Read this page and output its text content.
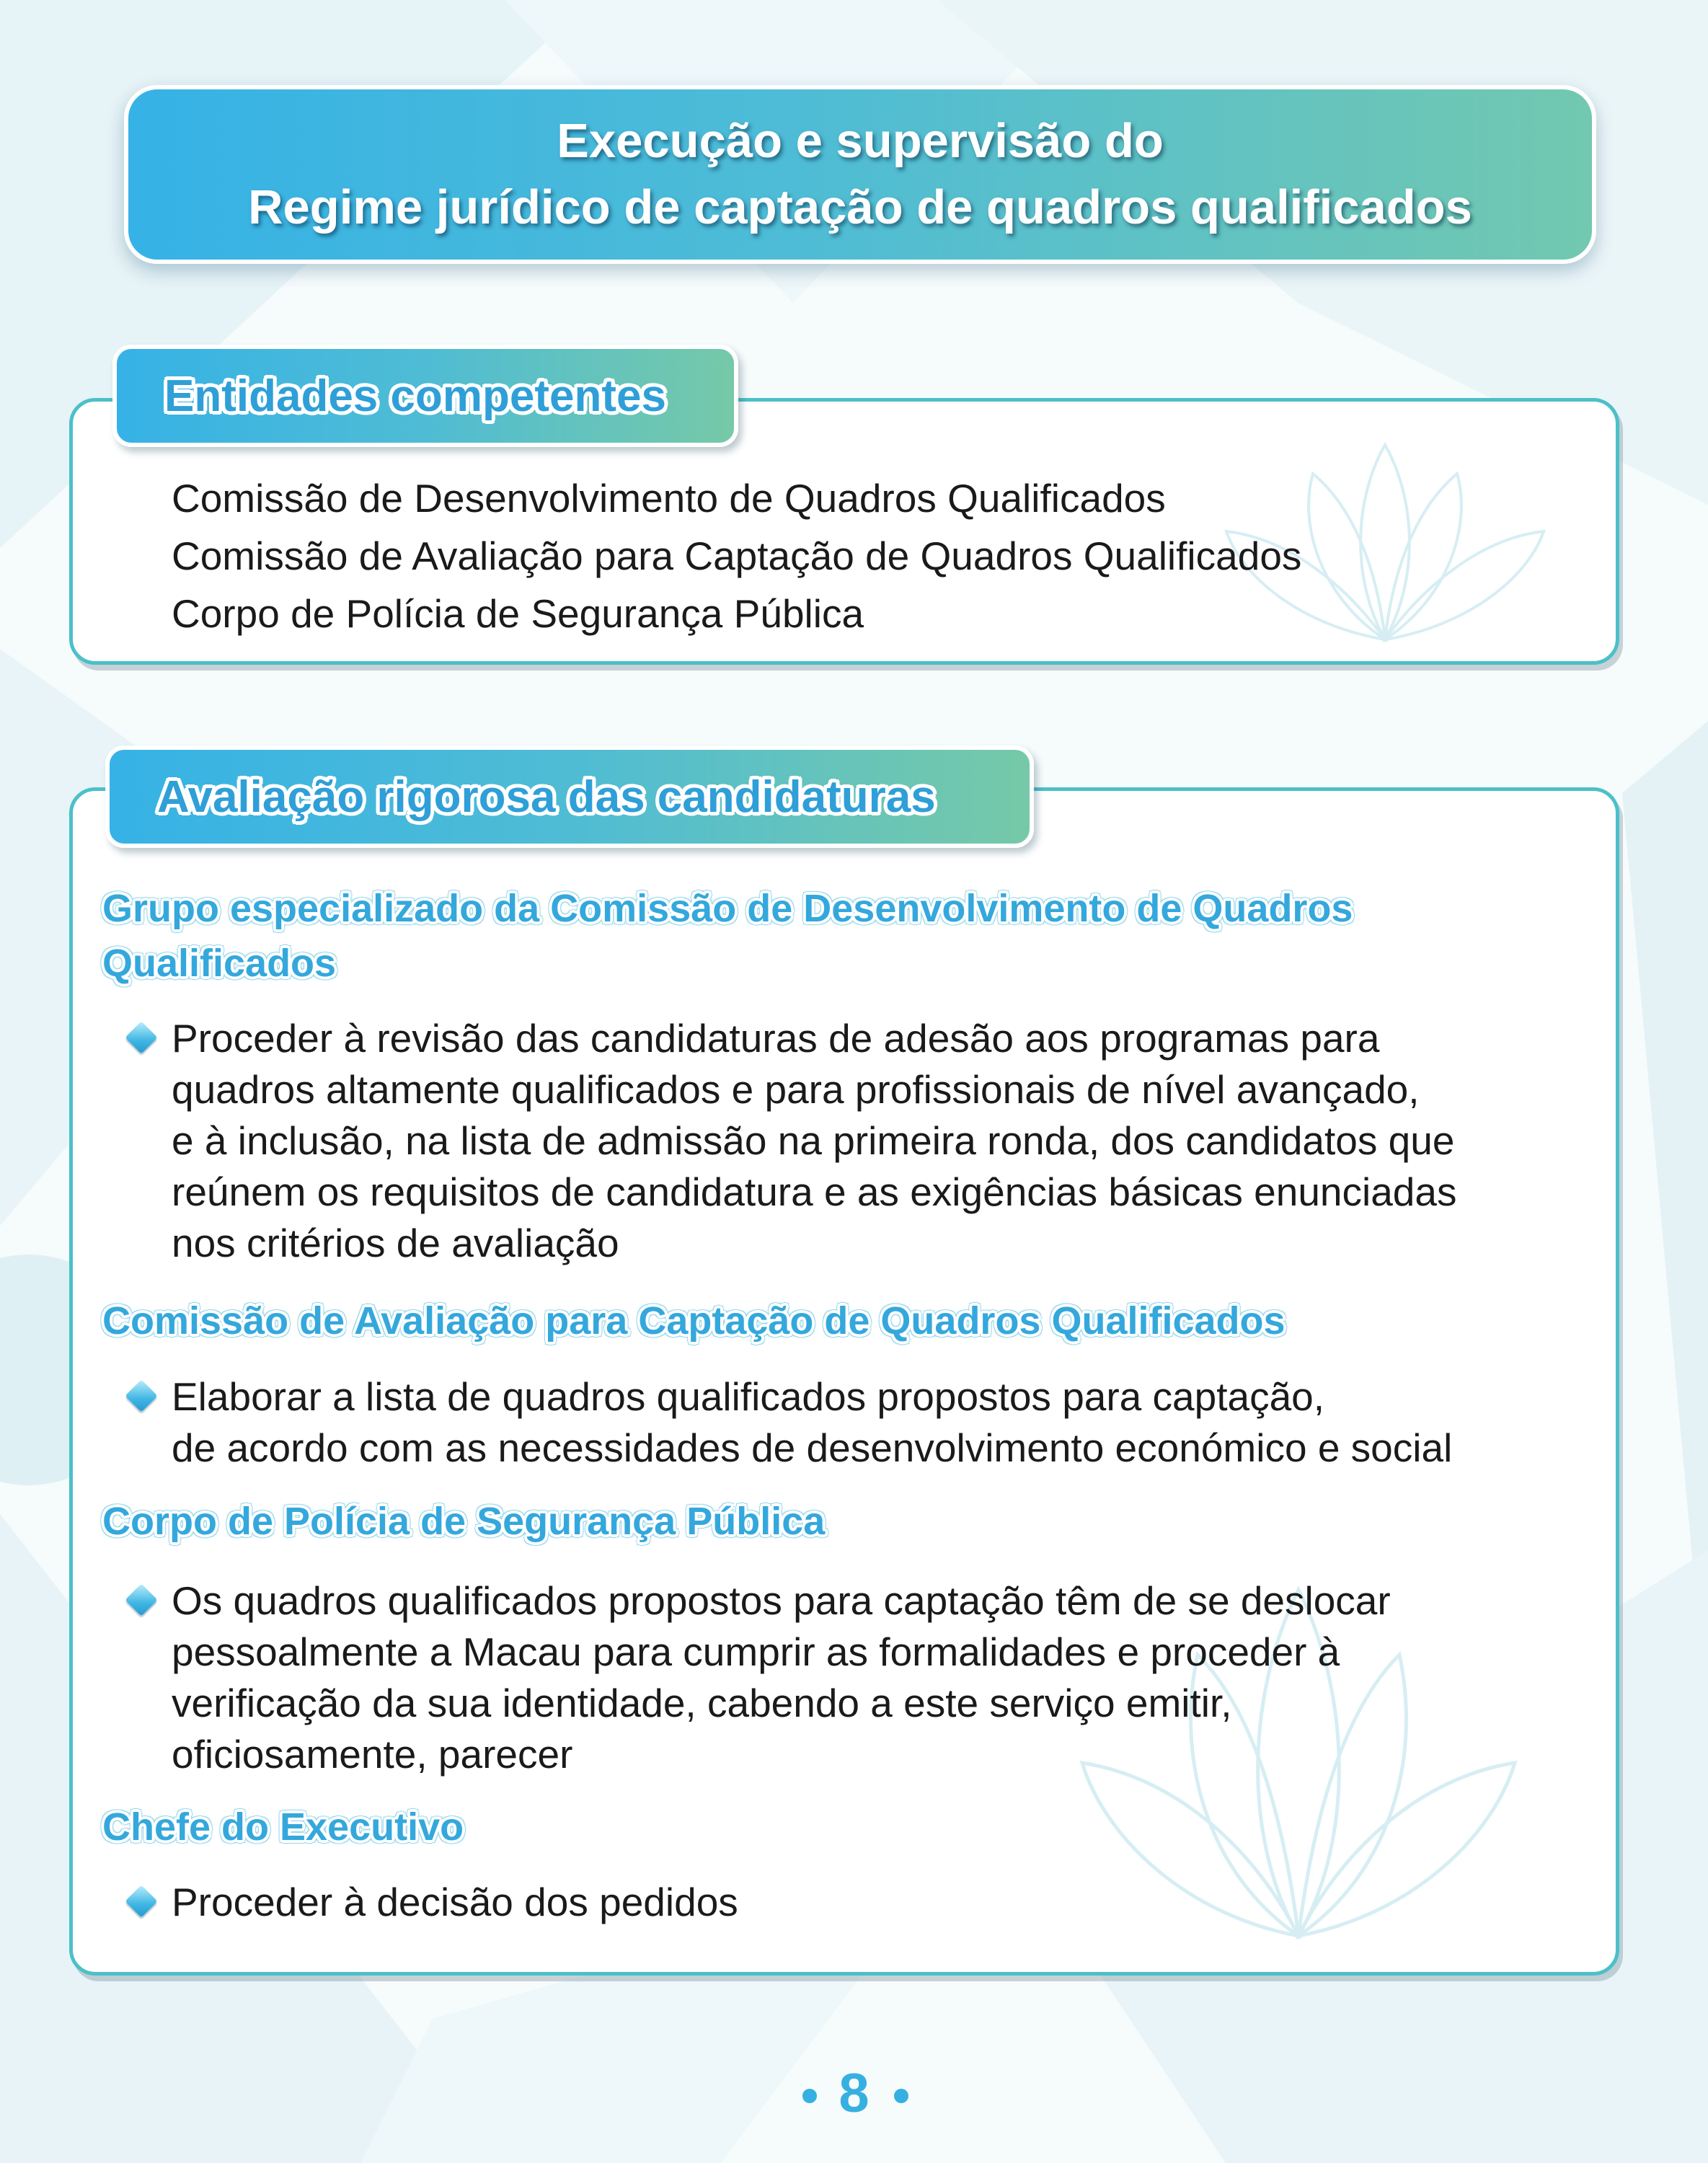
Execução e supervisão do
Regime jurídico de captação de quadros qualificados
Entidades competentes
Comissão de Desenvolvimento de Quadros Qualificados
Comissão de Avaliação para Captação de Quadros Qualificados
Corpo de Polícia de Segurança Pública
Avaliação rigorosa das candidaturas
Grupo especializado da Comissão de Desenvolvimento de Quadros
Qualificados
Proceder à revisão das candidaturas de adesão aos programas para
quadros altamente qualificados e para profissionais de nível avançado,
e à inclusão, na lista de admissão na primeira ronda, dos candidatos que
reúnem os requisitos de candidatura e as exigências básicas enunciadas
nos critérios de avaliação
Comissão de Avaliação para Captação de Quadros Qualificados
Elaborar a lista de quadros qualificados propostos para captação,
de acordo com as necessidades de desenvolvimento económico e social
Corpo de Polícia de Segurança Pública
Os quadros qualificados propostos para captação têm de se deslocar
pessoalmente a Macau para cumprir as formalidades e proceder à
verificação da sua identidade, cabendo a este serviço emitir,
oficiosamente, parecer
Chefe do Executivo
Proceder à decisão dos pedidos
8
